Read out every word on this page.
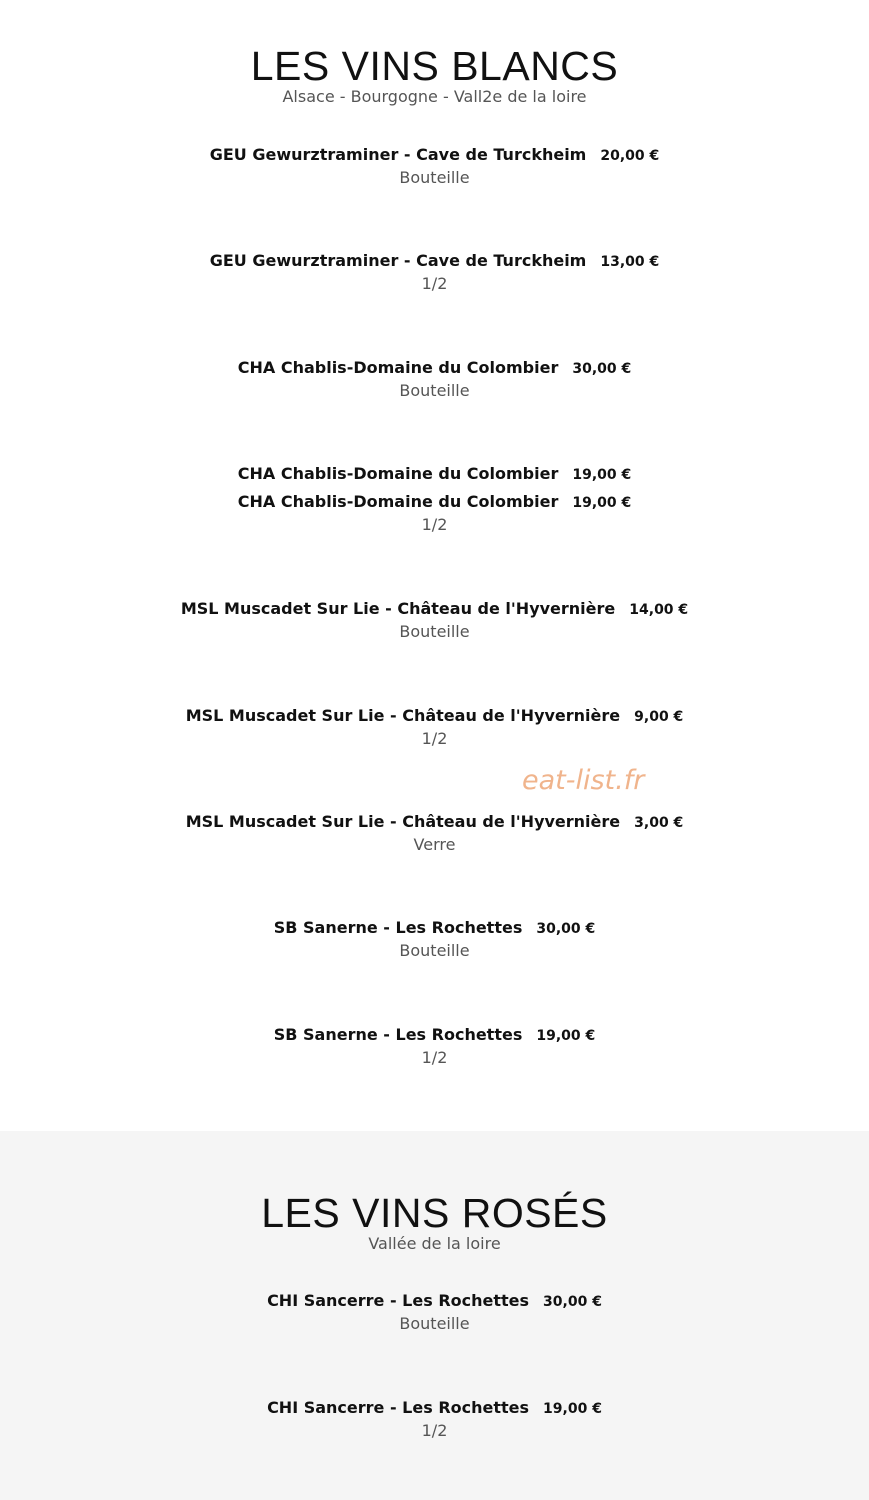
LES VINS BLANCS
Alsace - Bourgogne - Vall2e de la loire
GEU Gewurztraminer - Cave de Turckheim 20,00 €
Bouteille
GEU Gewurztraminer - Cave de Turckheim 13,00 €
1/2
CHA Chablis-Domaine du Colombier 30,00 €
Bouteille
CHA Chablis-Domaine du Colombier 19,00 €
CHA Chablis-Domaine du Colombier 19,00 €
1/2
MSL Muscadet Sur Lie - Château de l'Hyvernière 14,00 €
Bouteille
MSL Muscadet Sur Lie - Château de l'Hyvernière 9,00 €
1/2
MSL Muscadet Sur Lie - Château de l'Hyvernière 3,00 €
Verre
SB Sanerne - Les Rochettes 30,00 €
Bouteille
SB Sanerne - Les Rochettes 19,00 €
1/2
LES VINS ROSÉS
Vallée de la loire
CHI Sancerre - Les Rochettes 30,00 €
Bouteille
CHI Sancerre - Les Rochettes 19,00 €
1/2
eat-list.fr
